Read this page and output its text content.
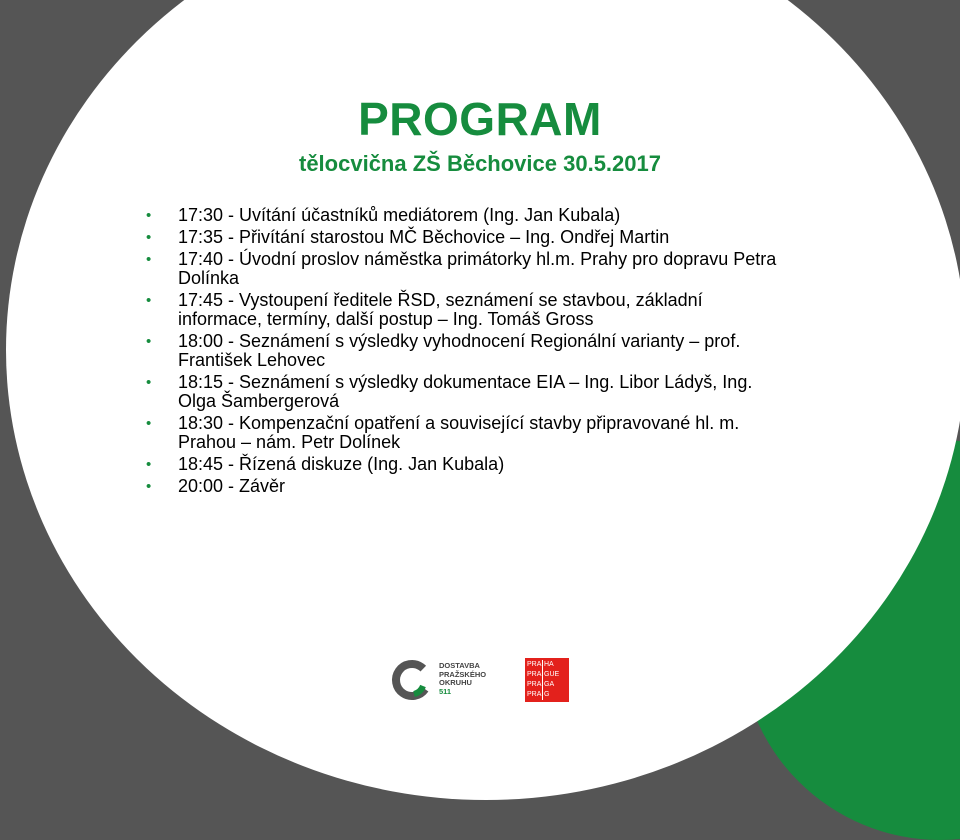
PROGRAM
tělocvična ZŠ Běchovice 30.5.2017
• 17:30 - Uvítání účastníků mediátorem (Ing. Jan Kubala)
• 17:35 - Přivítání starostou MČ Běchovice – Ing. Ondřej Martin
• 17:40 - Úvodní proslov náměstka primátorky hl.m. Prahy pro dopravu Petra
Dolínka
• 17:45 - Vystoupení ředitele ŘSD, seznámení se stavbou, základní
informace, termíny, další postup – Ing. Tomáš Gross
• 18:00 - Seznámení s výsledky vyhodnocení Regionální varianty – prof.
František Lehovec
• 18:15 - Seznámení s výsledky dokumentace EIA – Ing. Libor Ládyš, Ing.
Olga Šambergerová
• 18:30 - Kompenzační opatření a související stavby připravované hl. m.
Prahou – nám. Petr Dolínek
• 18:45 - Řízená diskuze (Ing. Jan Kubala)
• 20:00 - Závěr
DOSTAVBA
PRAŽSKÉHO
OKRUHU
511
PRA HA
PRA GUE
PRA GA
PRA G
